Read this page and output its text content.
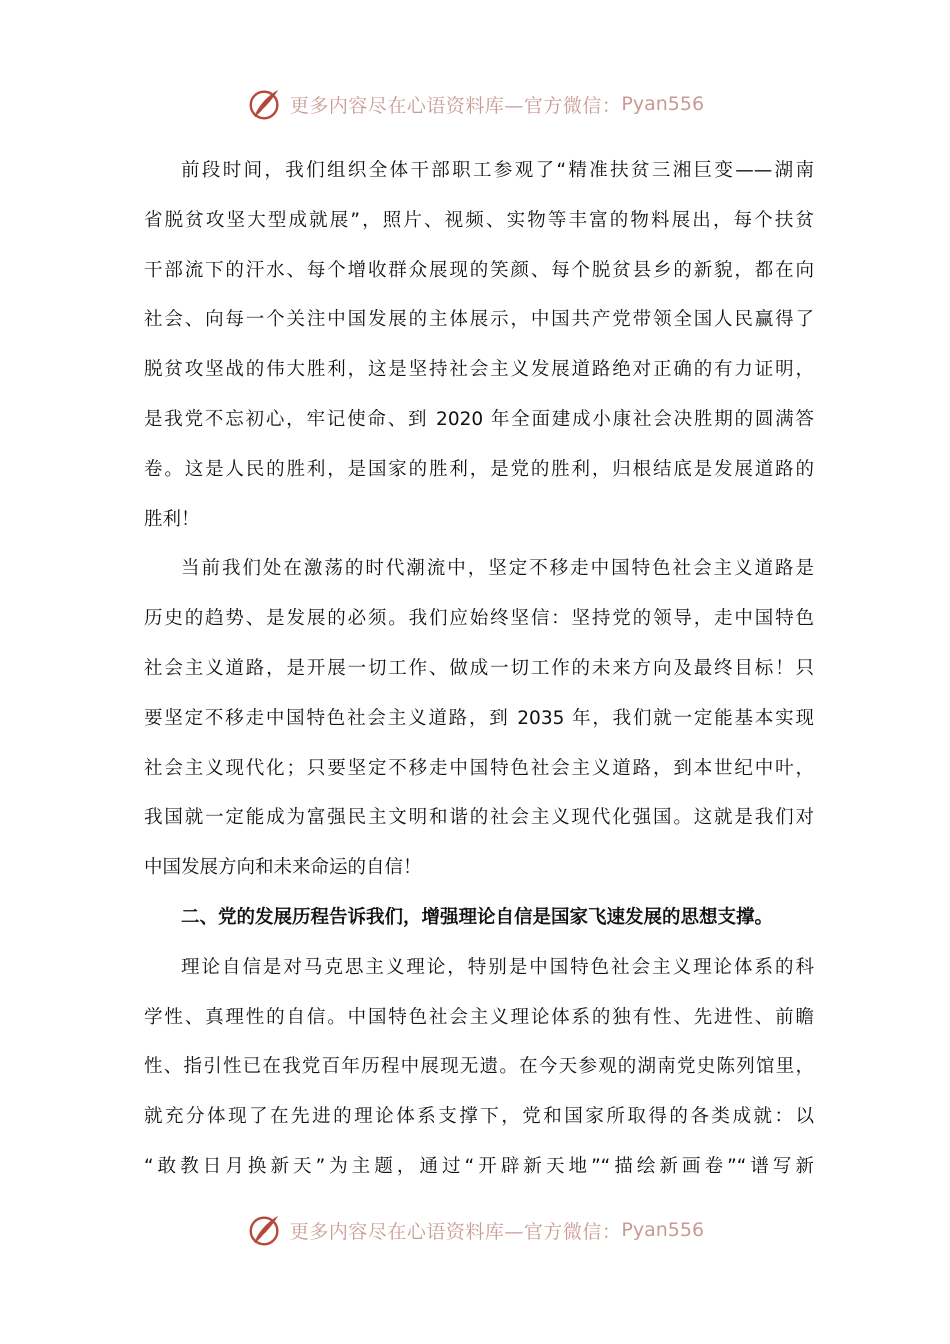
更多内容尽在心语资料库—官方微信： Pyan556
前段时间，我们组织全体干部职工参观了“精准扶贫三湘巨变——湖南
省脱贫攻坚大型成就展”，照片、视频、实物等丰富的物料展出，每个扶贫
干部流下的汗水、每个增收群众展现的笑颜、每个脱贫县乡的新貌，都在向
社会、向每一个关注中国发展的主体展示，中国共产党带领全国人民赢得了
脱贫攻坚战的伟大胜利，这是坚持社会主义发展道路绝对正确的有力证明，
是我党不忘初心，牢记使命、到 2020 年全面建成小康社会决胜期的圆满答
卷。这是人民的胜利，是国家的胜利，是党的胜利，归根结底是发展道路的
胜利！
当前我们处在激荡的时代潮流中，坚定不移走中国特色社会主义道路是
历史的趋势、是发展的必须。我们应始终坚信：坚持党的领导，走中国特色
社会主义道路，是开展一切工作、做成一切工作的未来方向及最终目标！只
要坚定不移走中国特色社会主义道路，到 2035 年，我们就一定能基本实现
社会主义现代化；只要坚定不移走中国特色社会主义道路，到本世纪中叶，
我国就一定能成为富强民主文明和谐的社会主义现代化强国。这就是我们对
中国发展方向和未来命运的自信！
二、党的发展历程告诉我们，增强理论自信是国家飞速发展的思想支撑。
理论自信是对马克思主义理论，特别是中国特色社会主义理论体系的科
学性、真理性的自信。中国特色社会主义理论体系的独有性、先进性、前瞻
性、指引性已在我党百年历程中展现无遗。在今天参观的湖南党史陈列馆里，
就充分体现了在先进的理论体系支撑下，党和国家所取得的各类成就：以
“敢教日月换新天”为主题，通过“开辟新天地”“描绘新画卷”“谱写新
更多内容尽在心语资料库—官方微信： Pyan556
